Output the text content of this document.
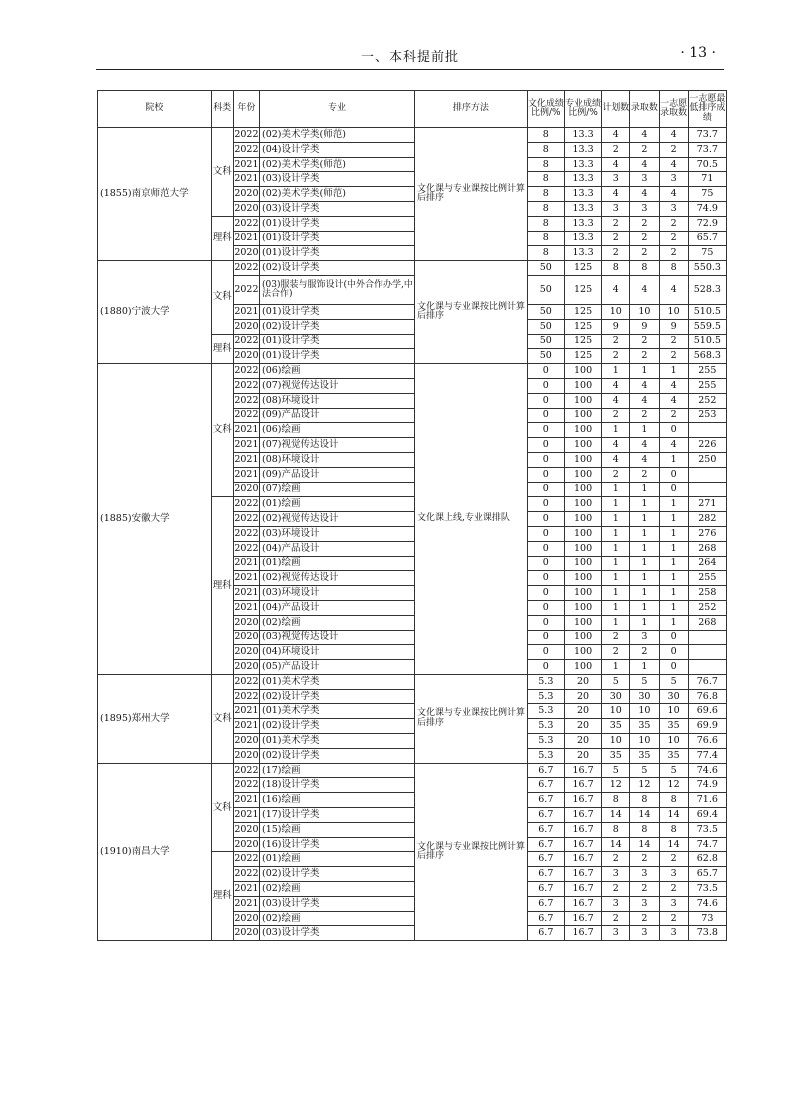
一、本科提前批	· 13 ·
院校	科类	年份	专业	排序方法	文化成绩比例/%	专业成绩比例/%	计划数	录取数	一志愿录取数	一志愿最低排序成绩
(1855)南京师范大学	文科	2022	(02)美术学类(师范)	文化课与专业课按比例计算后排序	8	13.3	4	4	4	73.7
		2022	(04)设计学类		8	13.3	2	2	2	73.7
		2021	(02)美术学类(师范)		8	13.3	4	4	4	70.5
		2021	(03)设计学类		8	13.3	3	3	3	71
		2020	(02)美术学类(师范)		8	13.3	4	4	4	75
		2020	(03)设计学类		8	13.3	3	3	3	74.9
	理科	2022	(01)设计学类		8	13.3	2	2	2	72.9
		2021	(01)设计学类		8	13.3	2	2	2	65.7
		2020	(01)设计学类		8	13.3	2	2	2	75
(1880)宁波大学	文科	2022	(02)设计学类	文化课与专业课按比例计算后排序	50	125	8	8	8	550.3
		2022	(03)服装与服饰设计(中外合作办学,中法合作)		50	125	4	4	4	528.3
		2021	(01)设计学类		50	125	10	10	10	510.5
		2020	(02)设计学类		50	125	9	9	9	559.5
	理科	2022	(01)设计学类		50	125	2	2	2	510.5
		2020	(01)设计学类		50	125	2	2	2	568.3
(1885)安徽大学	文科	2022	(06)绘画	文化课上线,专业课排队	0	100	1	1	1	255
		2022	(07)视觉传达设计		0	100	4	4	4	255
		2022	(08)环境设计		0	100	4	4	4	252
		2022	(09)产品设计		0	100	2	2	2	253
		2021	(06)绘画		0	100	1	1	0	
		2021	(07)视觉传达设计		0	100	4	4	4	226
		2021	(08)环境设计		0	100	4	4	1	250
		2021	(09)产品设计		0	100	2	2	0	
		2020	(07)绘画		0	100	1	1	0	
	理科	2022	(01)绘画		0	100	1	1	1	271
		2022	(02)视觉传达设计		0	100	1	1	1	282
		2022	(03)环境设计		0	100	1	1	1	276
		2022	(04)产品设计		0	100	1	1	1	268
		2021	(01)绘画		0	100	1	1	1	264
		2021	(02)视觉传达设计		0	100	1	1	1	255
		2021	(03)环境设计		0	100	1	1	1	258
		2021	(04)产品设计		0	100	1	1	1	252
		2020	(02)绘画		0	100	1	1	1	268
		2020	(03)视觉传达设计		0	100	2	3	0	
		2020	(04)环境设计		0	100	2	2	0	
		2020	(05)产品设计		0	100	1	1	0	
(1895)郑州大学	文科	2022	(01)美术学类	文化课与专业课按比例计算后排序	5.3	20	5	5	5	76.7
		2022	(02)设计学类		5.3	20	30	30	30	76.8
		2021	(01)美术学类		5.3	20	10	10	10	69.6
		2021	(02)设计学类		5.3	20	35	35	35	69.9
		2020	(01)美术学类		5.3	20	10	10	10	76.6
		2020	(02)设计学类		5.3	20	35	35	35	77.4
(1910)南昌大学	文科	2022	(17)绘画	文化课与专业课按比例计算后排序	6.7	16.7	5	5	5	74.6
		2022	(18)设计学类		6.7	16.7	12	12	12	74.9
		2021	(16)绘画		6.7	16.7	8	8	8	71.6
		2021	(17)设计学类		6.7	16.7	14	14	14	69.4
		2020	(15)绘画		6.7	16.7	8	8	8	73.5
		2020	(16)设计学类		6.7	16.7	14	14	14	74.7
	理科	2022	(01)绘画		6.7	16.7	2	2	2	62.8
		2022	(02)设计学类		6.7	16.7	3	3	3	65.7
		2021	(02)绘画		6.7	16.7	2	2	2	73.5
		2021	(03)设计学类		6.7	16.7	3	3	3	74.6
		2020	(02)绘画		6.7	16.7	2	2	2	73
		2020	(03)设计学类		6.7	16.7	3	3	3	73.8
